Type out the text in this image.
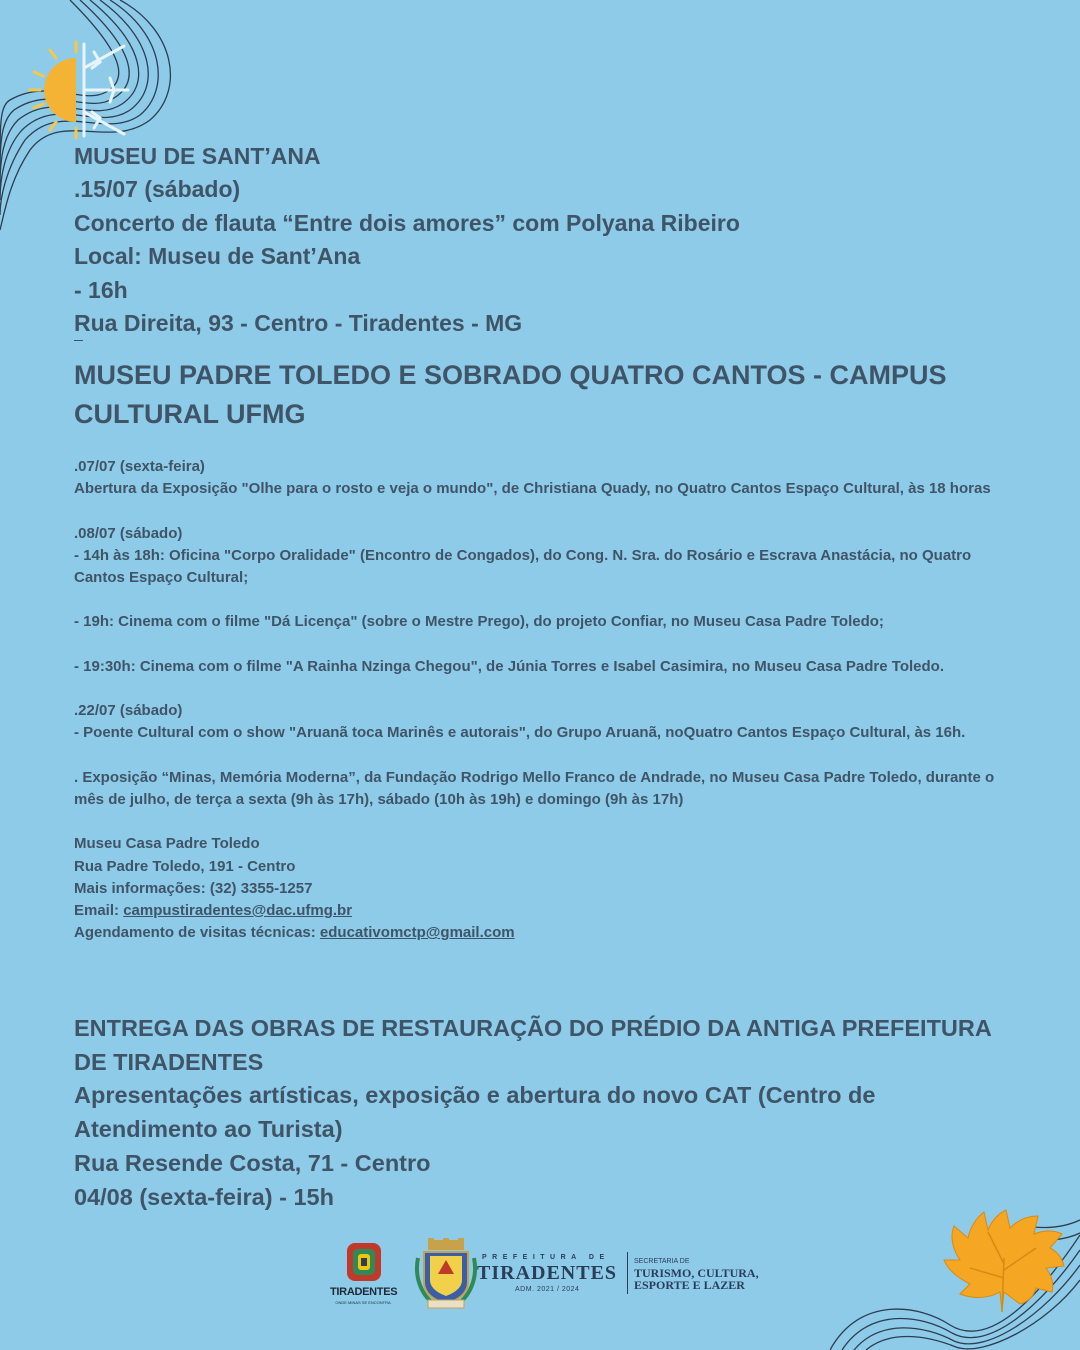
MUSEU DE SANT’ANA
.15/07 (sábado)
Concerto de flauta “Entre dois amores” com Polyana Ribeiro
Local: Museu de Sant’Ana
- 16h
Rua Direita, 93 - Centro - Tiradentes - MG
MUSEU PADRE TOLEDO E SOBRADO QUATRO CANTOS - CAMPUS CULTURAL UFMG

.07/07 (sexta-feira)

Abertura da Exposição "Olhe para o rosto e veja o mundo", de Christiana Quady, no Quatro Cantos Espaço Cultural, às 18 horas

.08/07 (sábado)

- 14h às 18h: Oficina "Corpo Oralidade" (Encontro de Congados), do Cong. N. Sra. do Rosário e Escrava Anastácia, no Quatro Cantos Espaço Cultural;

- 19h: Cinema com o filme "Dá Licença" (sobre o Mestre Prego), do projeto Confiar, no Museu Casa Padre Toledo;

- 19:30h: Cinema com o filme "A Rainha Nzinga Chegou", de Júnia Torres e Isabel Casimira, no Museu Casa Padre Toledo.

.22/07 (sábado)

- Poente Cultural com o show "Aruanã toca Marinês e autorais", do Grupo Aruanã, noQuatro Cantos Espaço Cultural, às 16h.

. Exposição “Minas, Memória Moderna”, da Fundação Rodrigo Mello Franco de Andrade, no Museu Casa Padre Toledo, durante o mês de julho, de terça a sexta (9h às 17h), sábado (10h às 19h) e domingo (9h às 17h)

Museu Casa Padre Toledo

Rua Padre Toledo, 191 - Centro

Mais informações: (32) 3355-1257

Email: campustiradentes@dac.ufmg.br

Agendamento de visitas técnicas: educativomctp@gmail.com

ENTREGA DAS OBRAS DE RESTAURAÇÃO DO PRÉDIO DA ANTIGA PREFEITURA DE TIRADENTES

Apresentações artísticas, exposição e abertura do novo CAT (Centro de Atendimento ao Turista)

Rua Resende Costa, 71 - Centro

04/08 (sexta-feira) - 15h

TIRADENTES
ONDE MINAS SE ENCONTRA
PREFEITURA DE
TIRADENTES
ADM. 2021 / 2024
SECRETARIA DE
TURISMO, CULTURA,
ESPORTE E LAZER
